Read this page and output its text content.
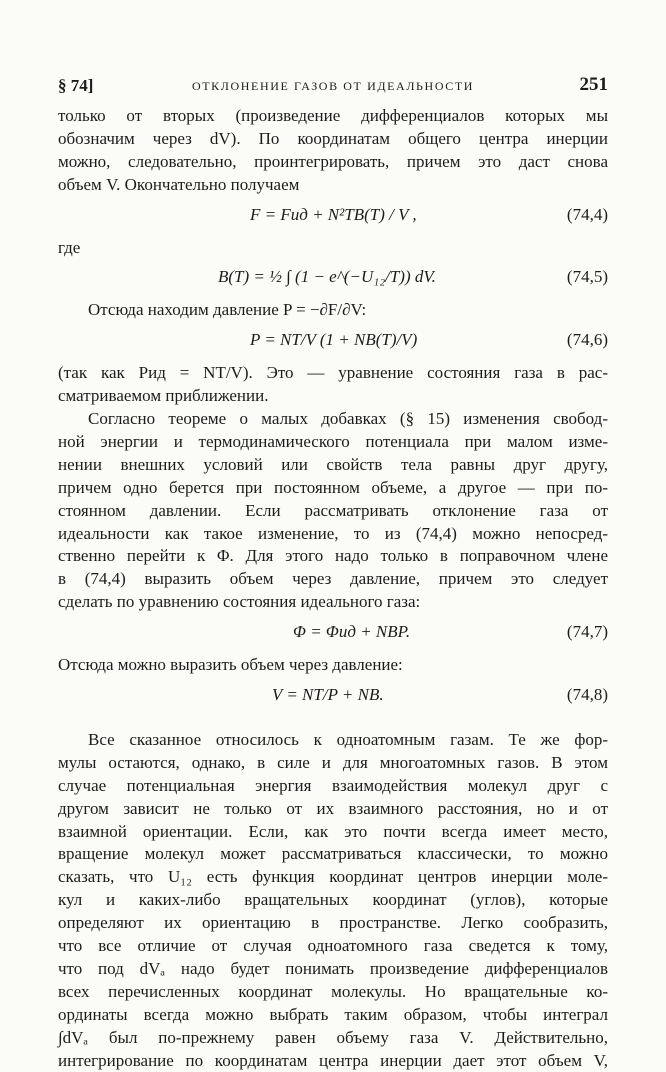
§ 74]	ОТКЛОНЕНИЕ ГАЗОВ ОТ ИДЕАЛЬНОСТИ	251
только от вторых (произведение дифференциалов которых мы
обозначим через dV). По координатам общего центра инерции
можно, следовательно, проинтегрировать, причем это даст снова
объем V. Окончательно получаем
F = Fид + N²TB(T) / V ,	(74,4)
где
B(T) = ½ ∫ (1 − e^(−U₁₂/T)) dV.	(74,5)
Отсюда находим давление P = −∂F/∂V:
P = NT/V (1 + NB(T)/V)	(74,6)
(так как Pид = NT/V). Это — уравнение состояния газа в рас-
сматриваемом приближении.
Согласно теореме о малых добавках (§ 15) изменения свобод-
ной энергии и термодинамического потенциала при малом изме-
нении внешних условий или свойств тела равны друг другу,
причем одно берется при постоянном объеме, а другое — при по-
стоянном давлении. Если рассматривать отклонение газа от
идеальности как такое изменение, то из (74,4) можно непосред-
ственно перейти к Φ. Для этого надо только в поправочном члене
в (74,4) выразить объем через давление, причем это следует
сделать по уравнению состояния идеального газа:
Φ = Φид + NBP.	(74,7)
Отсюда можно выразить объем через давление:
V = NT/P + NB.	(74,8)
Все сказанное относилось к одноатомным газам. Те же фор-
мулы остаются, однако, в силе и для многоатомных газов. В этом
случае потенциальная энергия взаимодействия молекул друг с
другом зависит не только от их взаимного расстояния, но и от
взаимной ориентации. Если, как это почти всегда имеет место,
вращение молекул может рассматриваться классически, то можно
сказать, что U₁₂ есть функция координат центров инерции моле-
кул и каких-либо вращательных координат (углов), которые
определяют их ориентацию в пространстве. Легко сообразить,
что все отличие от случая одноатомного газа сведется к тому,
что под dVₐ надо будет понимать произведение дифференциалов
всех перечисленных координат молекулы. Но вращательные ко-
ординаты всегда можно выбрать таким образом, чтобы интеграл
∫dVₐ был по-прежнему равен объему газа V. Действительно,
интегрирование по координатам центра инерции дает этот объем V,
